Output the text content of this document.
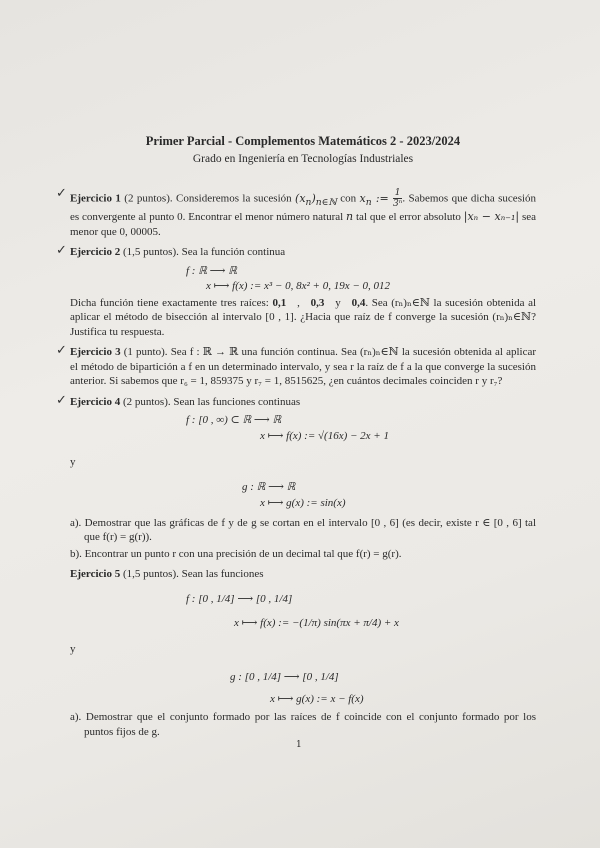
Primer Parcial - Complementos Matemáticos 2 - 2023/2024

Grado en Ingeniería en Tecnologías Industriales

✓ Ejercicio 1 (2 puntos). Consideremos la sucesión $(x_n)_{n\in ℕ}$ con $x_n$ := $\frac{1}{\text{3ⁿ}}$ . Sabemos que dicha sucesión es convergente al punto 0. Encontrar el menor número natural n tal que el error absoluto |xₙ − xₙ₋₁| sea menor que 0, 00005.

✓ Ejercicio 2 (1,5 puntos). Sea la función continua

f : ℝ ⟶ ℝ
x ⟼ f(x) := x³ − 0, 8x² + 0, 19x − 0, 012

Dicha función tiene exactamente tres raíces: 0,1   ,   0,3 y 0,4. Sea (rₙ)ₙ∈ℕ la sucesión obtenida al aplicar el método de bisección al intervalo [0 , 1]. ¿Hacia que raíz de f converge la sucesión (rₙ)ₙ∈ℕ? Justifica tu respuesta.

✓ Ejercicio 3 (1 punto). Sea f : ℝ → ℝ una función continua. Sea (rₙ)ₙ∈ℕ la sucesión obtenida al aplicar el método de bipartición a f en un determinado intervalo, y sea r la raíz de f a la que converge la sucesión anterior. Si sabemos que r₆ = 1, 859375 y r₇ = 1, 8515625, ¿en cuántos decimales coinciden r y r₇?

✓ Ejercicio 4 (2 puntos). Sean las funciones continuas

f : [0 , ∞) ⊂ ℝ ⟶ ℝ
x ⟼ f(x) := √(16x) − 2x + 1

y

g : ℝ ⟶ ℝ
x ⟼ g(x) := sin(x)

a). Demostrar que las gráficas de f y de g se cortan en el intervalo [0 , 6] (es decir, existe r ∈ [0 , 6] tal que f(r) = g(r)).

b). Encontrar un punto r con una precisión de un decimal tal que f(r) = g(r).

Ejercicio 5 (1,5 puntos). Sean las funciones

f : [0 , 1/4] ⟶ [0 , 1/4]
x ⟼ f(x) := −(1/π) sin(πx + π/4) + x

y

g : [0 , 1/4] ⟶ [0 , 1/4]
x ⟼ g(x) := x − f(x)

a). Demostrar que el conjunto formado por las raíces de f coincide con el conjunto formado por los puntos fijos de g.

1
